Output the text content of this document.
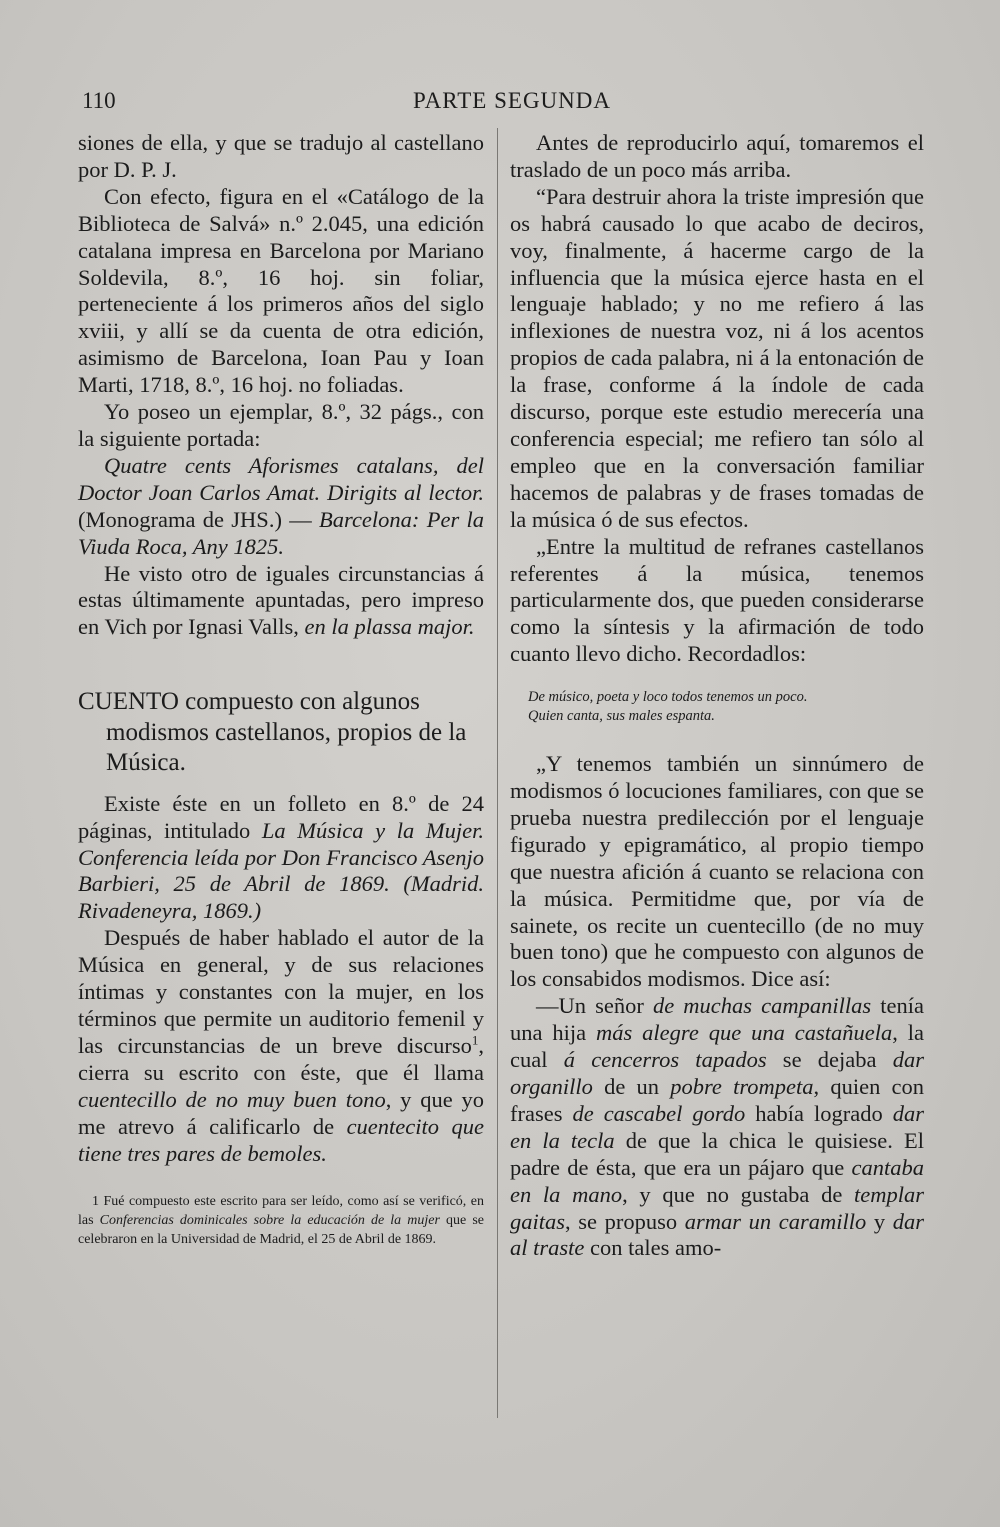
110	PARTE SEGUNDA

siones de ella, y que se tradujo al castellano por D. P. J.

Con efecto, figura en el «Catálogo de la Biblioteca de Salvá» n.º 2.045, una edición catalana impresa en Barcelona por Mariano Soldevila, 8.º, 16 hoj. sin foliar, perteneciente á los primeros años del siglo xviii, y allí se da cuenta de otra edición, asimismo de Barcelona, Ioan Pau y Ioan Marti, 1718, 8.º, 16 hoj. no foliadas.

Yo poseo un ejemplar, 8.º, 32 págs., con la siguiente portada:

Quatre cents Aforismes catalans, del Doctor Joan Carlos Amat. Dirigits al lector. (Monograma de JHS.) — Barcelona: Per la Viuda Roca, Any 1825.

He visto otro de iguales circunstancias á estas últimamente apuntadas, pero impreso en Vich por Ignasi Valls, en la plassa major.

CUENTO compuesto con algunos modismos castellanos, propios de la Música.

Existe éste en un folleto en 8.º de 24 páginas, intitulado La Música y la Mujer. Conferencia leída por Don Francisco Asenjo Barbieri, 25 de Abril de 1869. (Madrid. Rivadeneyra, 1869.)

Después de haber hablado el autor de la Música en general, y de sus relaciones íntimas y constantes con la mujer, en los términos que permite un auditorio femenil y las circunstancias de un breve discurso$^1$, cierra su escrito con éste, que él llama cuentecillo de no muy buen tono, y que yo me atrevo á calificarlo de cuentecito que tiene tres pares de bemoles.

1 Fué compuesto este escrito para ser leído, como así se verificó, en las Conferencias dominicales sobre la educación de la mujer que se celebraron en la Universidad de Madrid, el 25 de Abril de 1869.

Antes de reproducirlo aquí, tomaremos el traslado de un poco más arriba.

“Para destruir ahora la triste impresión que os habrá causado lo que acabo de deciros, voy, finalmente, á hacerme cargo de la influencia que la música ejerce hasta en el lenguaje hablado; y no me refiero á las inflexiones de nuestra voz, ni á los acentos propios de cada palabra, ni á la entonación de la frase, conforme á la índole de cada discurso, porque este estudio merecería una conferencia especial; me refiero tan sólo al empleo que en la conversación familiar hacemos de palabras y de frases tomadas de la música ó de sus efectos.

„Entre la multitud de refranes castellanos referentes á la música, tenemos particularmente dos, que pueden considerarse como la síntesis y la afirmación de todo cuanto llevo dicho. Recordadlos:

De músico, poeta y loco todos tenemos un poco.
Quien canta, sus males espanta.

„Y tenemos también un sinnúmero de modismos ó locuciones familiares, con que se prueba nuestra predilección por el lenguaje figurado y epigramático, al propio tiempo que nuestra afición á cuanto se relaciona con la música. Permitidme que, por vía de sainete, os recite un cuentecillo (de no muy buen tono) que he compuesto con algunos de los consabidos modismos. Dice así:

—Un señor de muchas campanillas tenía una hija más alegre que una castañuela, la cual á cencerros tapados se dejaba dar organillo de un pobre trompeta, quien con frases de cascabel gordo había logrado dar en la tecla de que la chica le quisiese. El padre de ésta, que era un pájaro que cantaba en la mano, y que no gustaba de templar gaitas, se propuso armar un caramillo y dar al traste con tales amo-
